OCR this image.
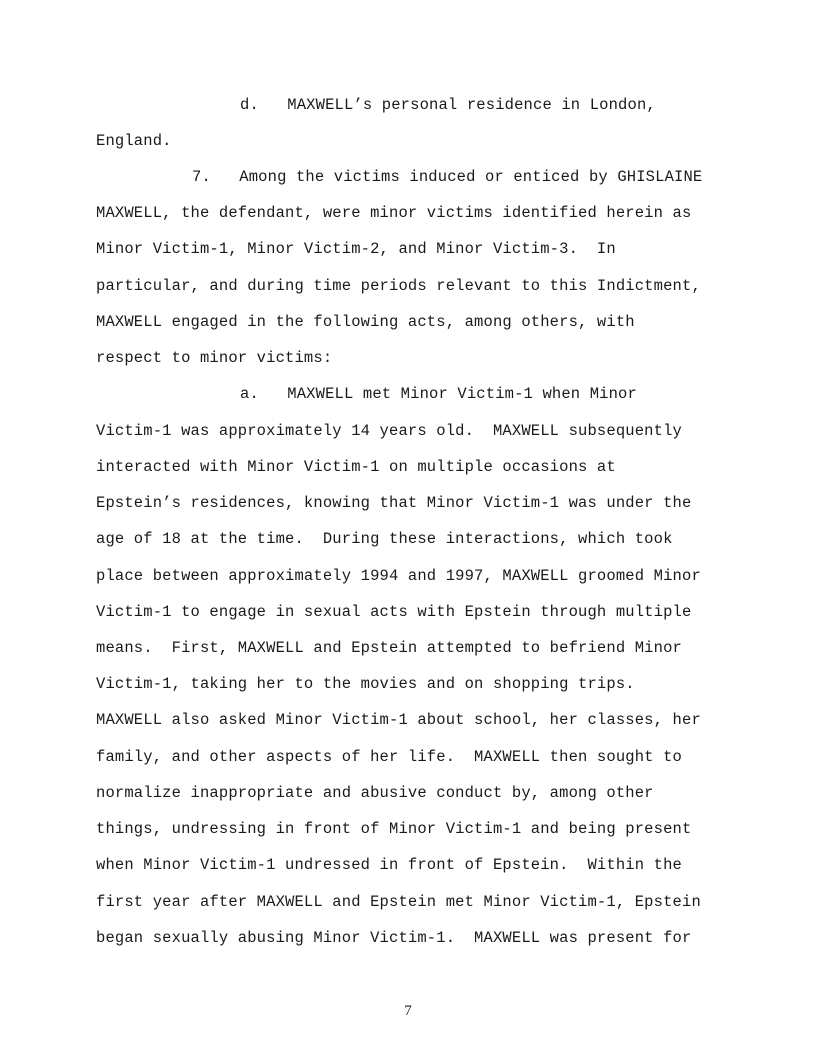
d.   MAXWELL’s personal residence in London,
England.
7.   Among the victims induced or enticed by GHISLAINE
MAXWELL, the defendant, were minor victims identified herein as
Minor Victim-1, Minor Victim-2, and Minor Victim-3.  In
particular, and during time periods relevant to this Indictment,
MAXWELL engaged in the following acts, among others, with
respect to minor victims:
a.   MAXWELL met Minor Victim-1 when Minor
Victim-1 was approximately 14 years old.  MAXWELL subsequently
interacted with Minor Victim-1 on multiple occasions at
Epstein’s residences, knowing that Minor Victim-1 was under the
age of 18 at the time.  During these interactions, which took
place between approximately 1994 and 1997, MAXWELL groomed Minor
Victim-1 to engage in sexual acts with Epstein through multiple
means.  First, MAXWELL and Epstein attempted to befriend Minor
Victim-1, taking her to the movies and on shopping trips.
MAXWELL also asked Minor Victim-1 about school, her classes, her
family, and other aspects of her life.  MAXWELL then sought to
normalize inappropriate and abusive conduct by, among other
things, undressing in front of Minor Victim-1 and being present
when Minor Victim-1 undressed in front of Epstein.  Within the
first year after MAXWELL and Epstein met Minor Victim-1, Epstein
began sexually abusing Minor Victim-1.  MAXWELL was present for
7
